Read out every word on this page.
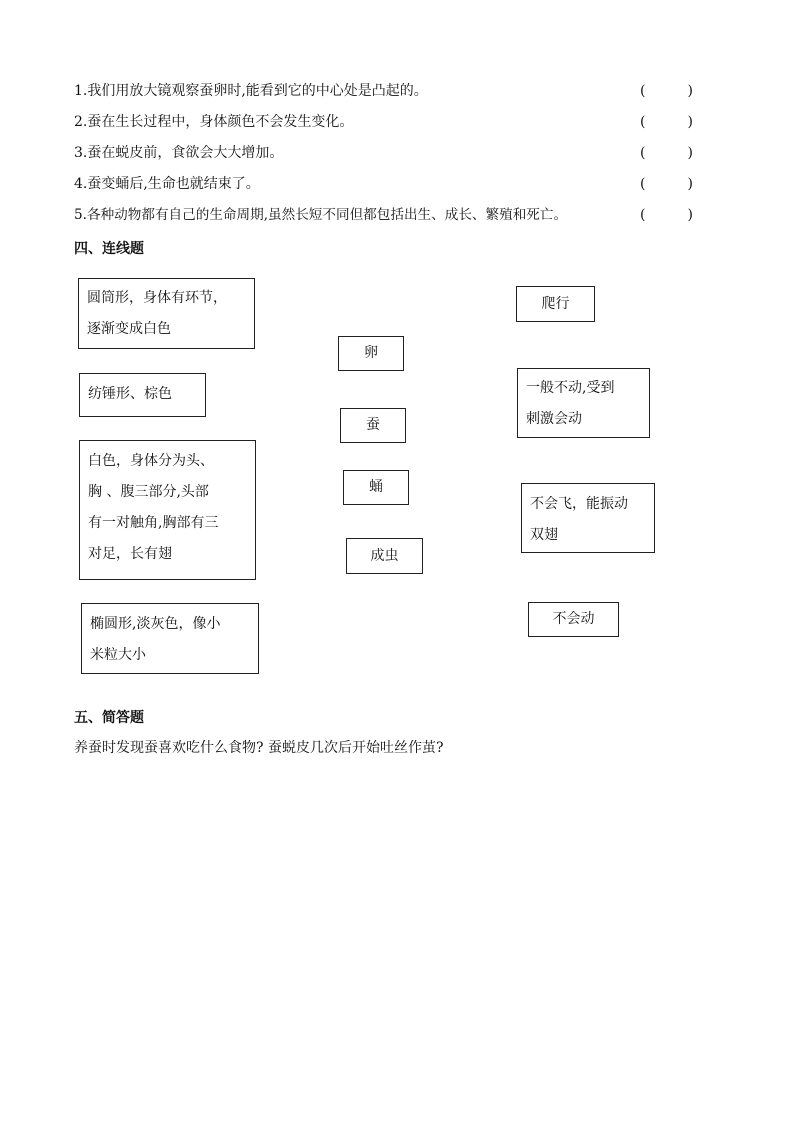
1.我们用放大镜观察蚕卵时,能看到它的中心处是凸起的。	(　　　)
2.蚕在生长过程中，身体颜色不会发生变化。	(　　　)
3.蚕在蜕皮前，食欲会大大增加。	(　　　)
4.蚕变蛹后,生命也就结束了。	(　　　)
5.各种动物都有自己的生命周期,虽然长短不同但都包括出生、成长、繁殖和死亡。	(　　　)
四、连线题
圆筒形，身体有环节，
逐渐变成白色
纺锤形、棕色
白色，身体分为头、
胸 、腹三部分,头部
有一对触角,胸部有三
对足，长有翅
椭圆形,淡灰色，像小
米粒大小
卵
蚕
蛹
成虫
爬行
一般不动,受到
刺激会动
不会飞，能振动
双翅
不会动
五、简答题
养蚕时发现蚕喜欢吃什么食物? 蚕蜕皮几次后开始吐丝作茧?
